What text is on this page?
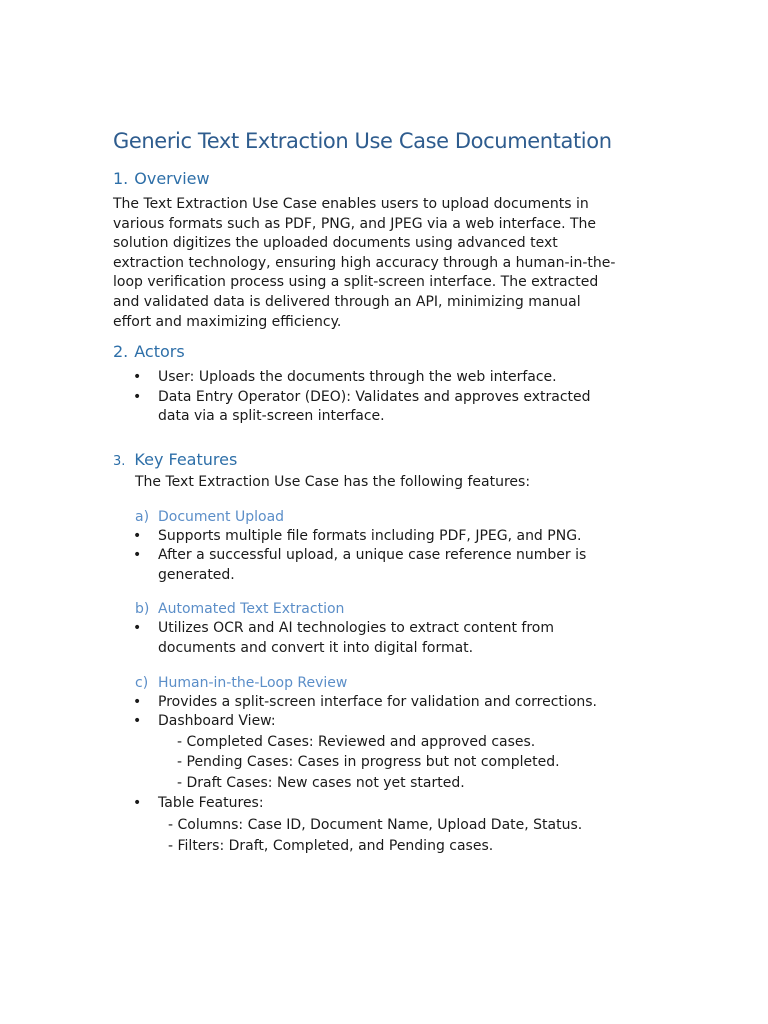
Generic Text Extraction Use Case Documentation
1. Overview
The Text Extraction Use Case enables users to upload documents in
various formats such as PDF, PNG, and JPEG via a web interface. The
solution digitizes the uploaded documents using advanced text
extraction technology, ensuring high accuracy through a human-in-the-
loop verification process using a split-screen interface. The extracted
and validated data is delivered through an API, minimizing manual
effort and maximizing efficiency.
2. Actors
• User: Uploads the documents through the web interface.
• Data Entry Operator (DEO): Validates and approves extracted
data via a split-screen interface.
3. Key Features

The Text Extraction Use Case has the following features:

a) Document Upload
• Supports multiple file formats including PDF, JPEG, and PNG.
• After a successful upload, a unique case reference number is
generated.
b) Automated Text Extraction
• Utilizes OCR and AI technologies to extract content from
documents and convert it into digital format.
c) Human-in-the-Loop Review
• Provides a split-screen interface for validation and corrections.
• Dashboard View:
- Completed Cases: Reviewed and approved cases.
- Pending Cases: Cases in progress but not completed.
- Draft Cases: New cases not yet started.
• Table Features:
- Columns: Case ID, Document Name, Upload Date, Status.
- Filters: Draft, Completed, and Pending cases.
